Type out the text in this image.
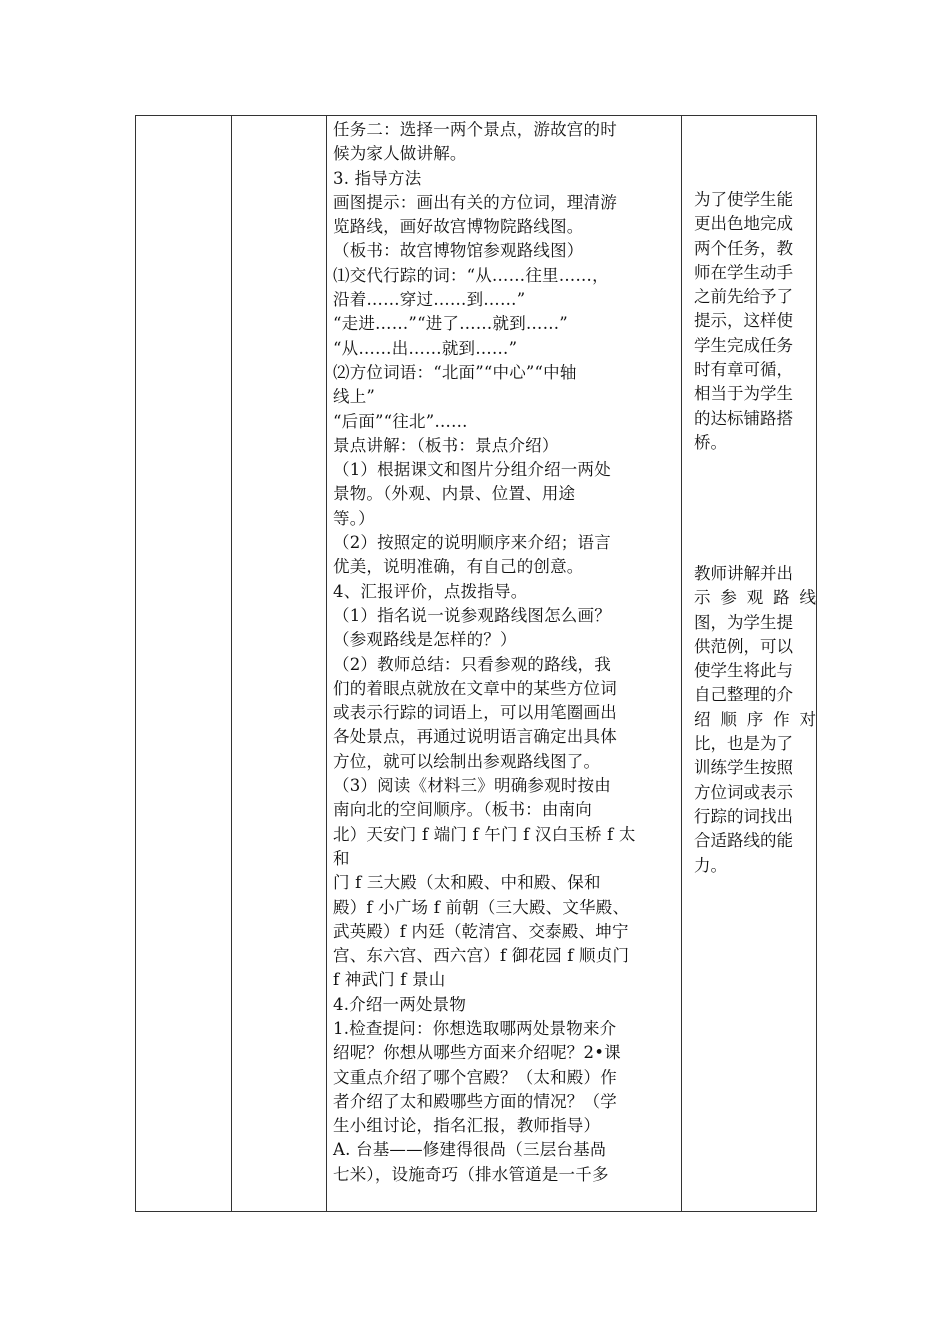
任务二：选择一两个景点，游故宫的时
候为家人做讲解。
3. 指导方法
画图提示：画出有关的方位词，理清游
览路线，画好故宫博物院路线图。
（板书：故宫博物馆参观路线图）
⑴交代行踪的词：“从……往里……，
沿着……穿过……到……”
“走进……”“进了……就到……”
“从……出……就到……”
⑵方位词语：“北面”“中心”“中轴
线上”
“后面”“往北”……
景点讲解：（板书：景点介绍）
（1）根据课文和图片分组介绍一两处
景物。（外观、内景、位置、用途
等。）
（2）按照定的说明顺序来介绍；语言
优美，说明准确，有自己的创意。
4、汇报评价，点拨指导。
（1）指名说一说参观路线图怎么画？
（参观路线是怎样的？）
（2）教师总结：只看参观的路线，我
们的着眼点就放在文章中的某些方位词
或表示行踪的词语上，可以用笔圈画出
各处景点，再通过说明语言确定出具体
方位，就可以绘制出参观路线图了。
（3）阅读《材料三》明确参观时按由
南向北的空间顺序。（板书：由南向
北）天安门 f 端门 f 午门 f 汉白玉桥 f 太
和
门 f 三大殿（太和殿、中和殿、保和
殿）f 小广场 f 前朝（三大殿、文华殿、
武英殿）f 内廷（乾清宫、交泰殿、坤宁
宫、东六宫、西六宫）f 御花园 f 顺贞门
f 神武门 f 景山
4.介绍一两处景物
1.检查提问：你想选取哪两处景物来介
绍呢？你想从哪些方面来介绍呢？2•课
文重点介绍了哪个宫殿？（太和殿）作
者介绍了太和殿哪些方面的情况？（学
生小组讨论，指名汇报，教师指导）
A. 台基——修建得很咼（三层台基咼
七米），设施奇巧（排水管道是一千多
为了使学生能
更出色地完成
两个任务，教
师在学生动手
之前先给予了
提示，这样使
学生完成任务
时有章可循，
相当于为学生
的达标铺路搭
桥。
教师讲解并出
示 参 观 路 线
图，为学生提
供范例，可以
使学生将此与
自己整理的介
绍 顺 序 作 对
比，也是为了
训练学生按照
方位词或表示
行踪的词找出
合适路线的能
力。
